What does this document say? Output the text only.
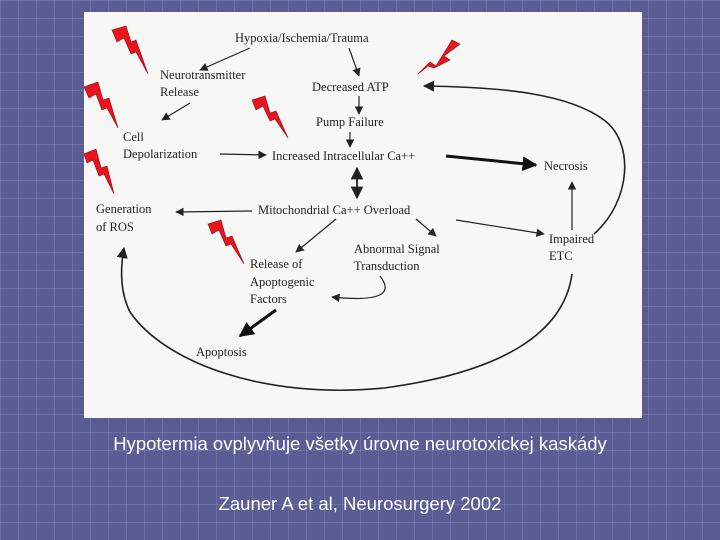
Hypoxia/Ischemia/Trauma
Neurotransmitter
Release	Decreased ATP
Pump Failure
Cell
Depolarization	Increased Intracellular Ca++
Necrosis
Generation
of ROS
Mitochondrial Ca++ Overload
Impaired
ETC
Abnormal Signal
Transduction
Release of
Apoptogenic
Factors
Apoptosis
Hypotermia ovplyvňuje všetky úrovne neurotoxickej kaskády
Zauner A et al, Neurosurgery 2002
